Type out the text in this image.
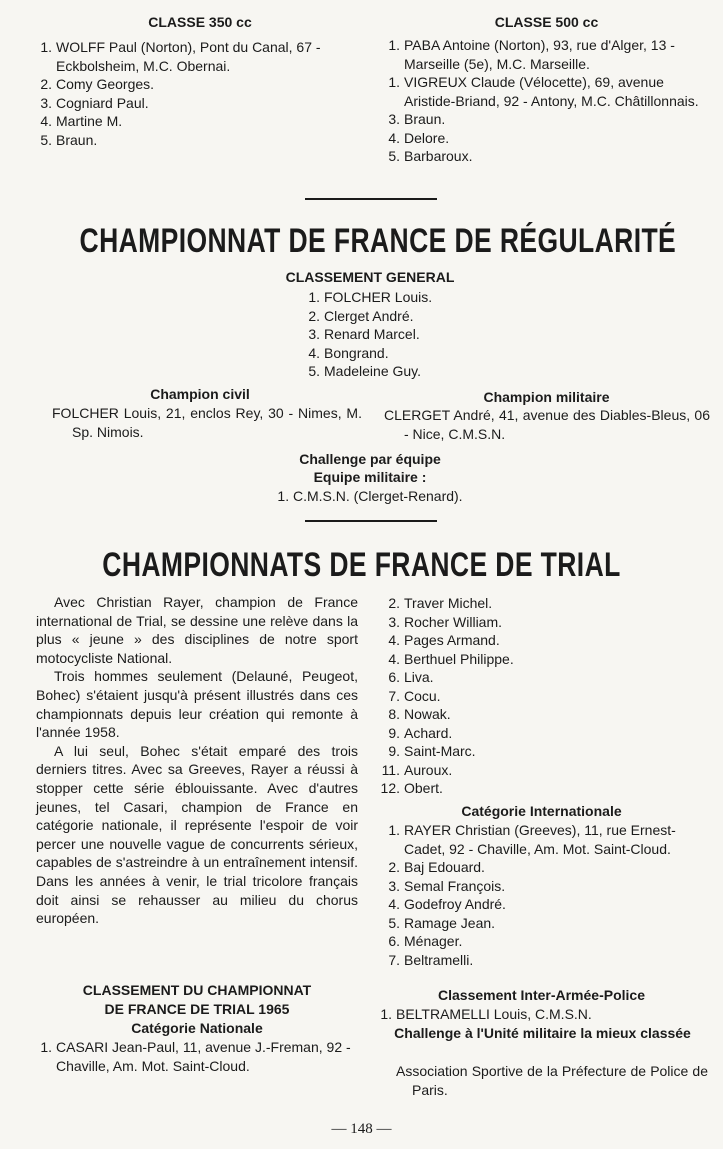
CLASSE 350 cc
1. WOLFF Paul (Norton), Pont du Canal, 67 - Eckbolsheim, M.C. Obernai.
2. Comy Georges.
3. Cogniard Paul.
4. Martine M.
5. Braun.
CLASSE 500 cc
1. PABA Antoine (Norton), 93, rue d'Alger, 13 - Marseille (5e), M.C. Marseille.
1. VIGREUX Claude (Vélocette), 69, avenue Aristide-Briand, 92 - Antony, M.C. Châtillonnais.
3. Braun.
4. Delore.
5. Barbaroux.
CHAMPIONNAT DE FRANCE DE RÉGULARITÉ
CLASSEMENT GENERAL
1. FOLCHER Louis.
2. Clerget André.
3. Renard Marcel.
4. Bongrand.
5. Madeleine Guy.
Champion civil

FOLCHER Louis, 21, enclos Rey, 30 - Nimes, M. Sp. Nimois.

Champion militaire

CLERGET André, 41, avenue des Diables-Bleus, 06 - Nice, C.M.S.N.

Challenge par équipe
Equipe militaire :
1. C.M.S.N. (Clerget-Renard).
CHAMPIONNATS DE FRANCE DE TRIAL

Avec Christian Rayer, champion de France international de Trial, se dessine une relève dans la plus « jeune » des disciplines de notre sport motocycliste National.

Trois hommes seulement (Delauné, Peugeot, Bohec) s'étaient jusqu'à présent illustrés dans ces championnats depuis leur création qui remonte à l'année 1958.

A lui seul, Bohec s'était emparé des trois derniers titres. Avec sa Greeves, Rayer a réussi à stopper cette série éblouissante. Avec d'autres jeunes, tel Casari, champion de France en catégorie nationale, il représente l'espoir de voir percer une nouvelle vague de concurrents sérieux, capables de s'astreindre à un entraînement intensif. Dans les années à venir, le trial tricolore français doit ainsi se rehausser au milieu du chorus européen.

CLASSEMENT DU CHAMPIONNAT
DE FRANCE DE TRIAL 1965
Catégorie Nationale
1. CASARI Jean-Paul, 11, avenue J.-Freman, 92 - Chaville, Am. Mot. Saint-Cloud.
2. Traver Michel.
3. Rocher William.
4. Pages Armand.
4. Berthuel Philippe.
6. Liva.
7. Cocu.
8. Nowak.
9. Achard.
9. Saint-Marc.
11. Auroux.
12. Obert.
Catégorie Internationale
1. RAYER Christian (Greeves), 11, rue Ernest-Cadet, 92 - Chaville, Am. Mot. Saint-Cloud.
2. Baj Edouard.
3. Semal François.
4. Godefroy André.
5. Ramage Jean.
6. Ménager.
7. Beltramelli.
Classement Inter-Armée-Police
1. BELTRAMELLI Louis, C.M.S.N.
Challenge à l'Unité militaire la mieux classée

Association Sportive de la Préfecture de Police de Paris.

— 148 —
